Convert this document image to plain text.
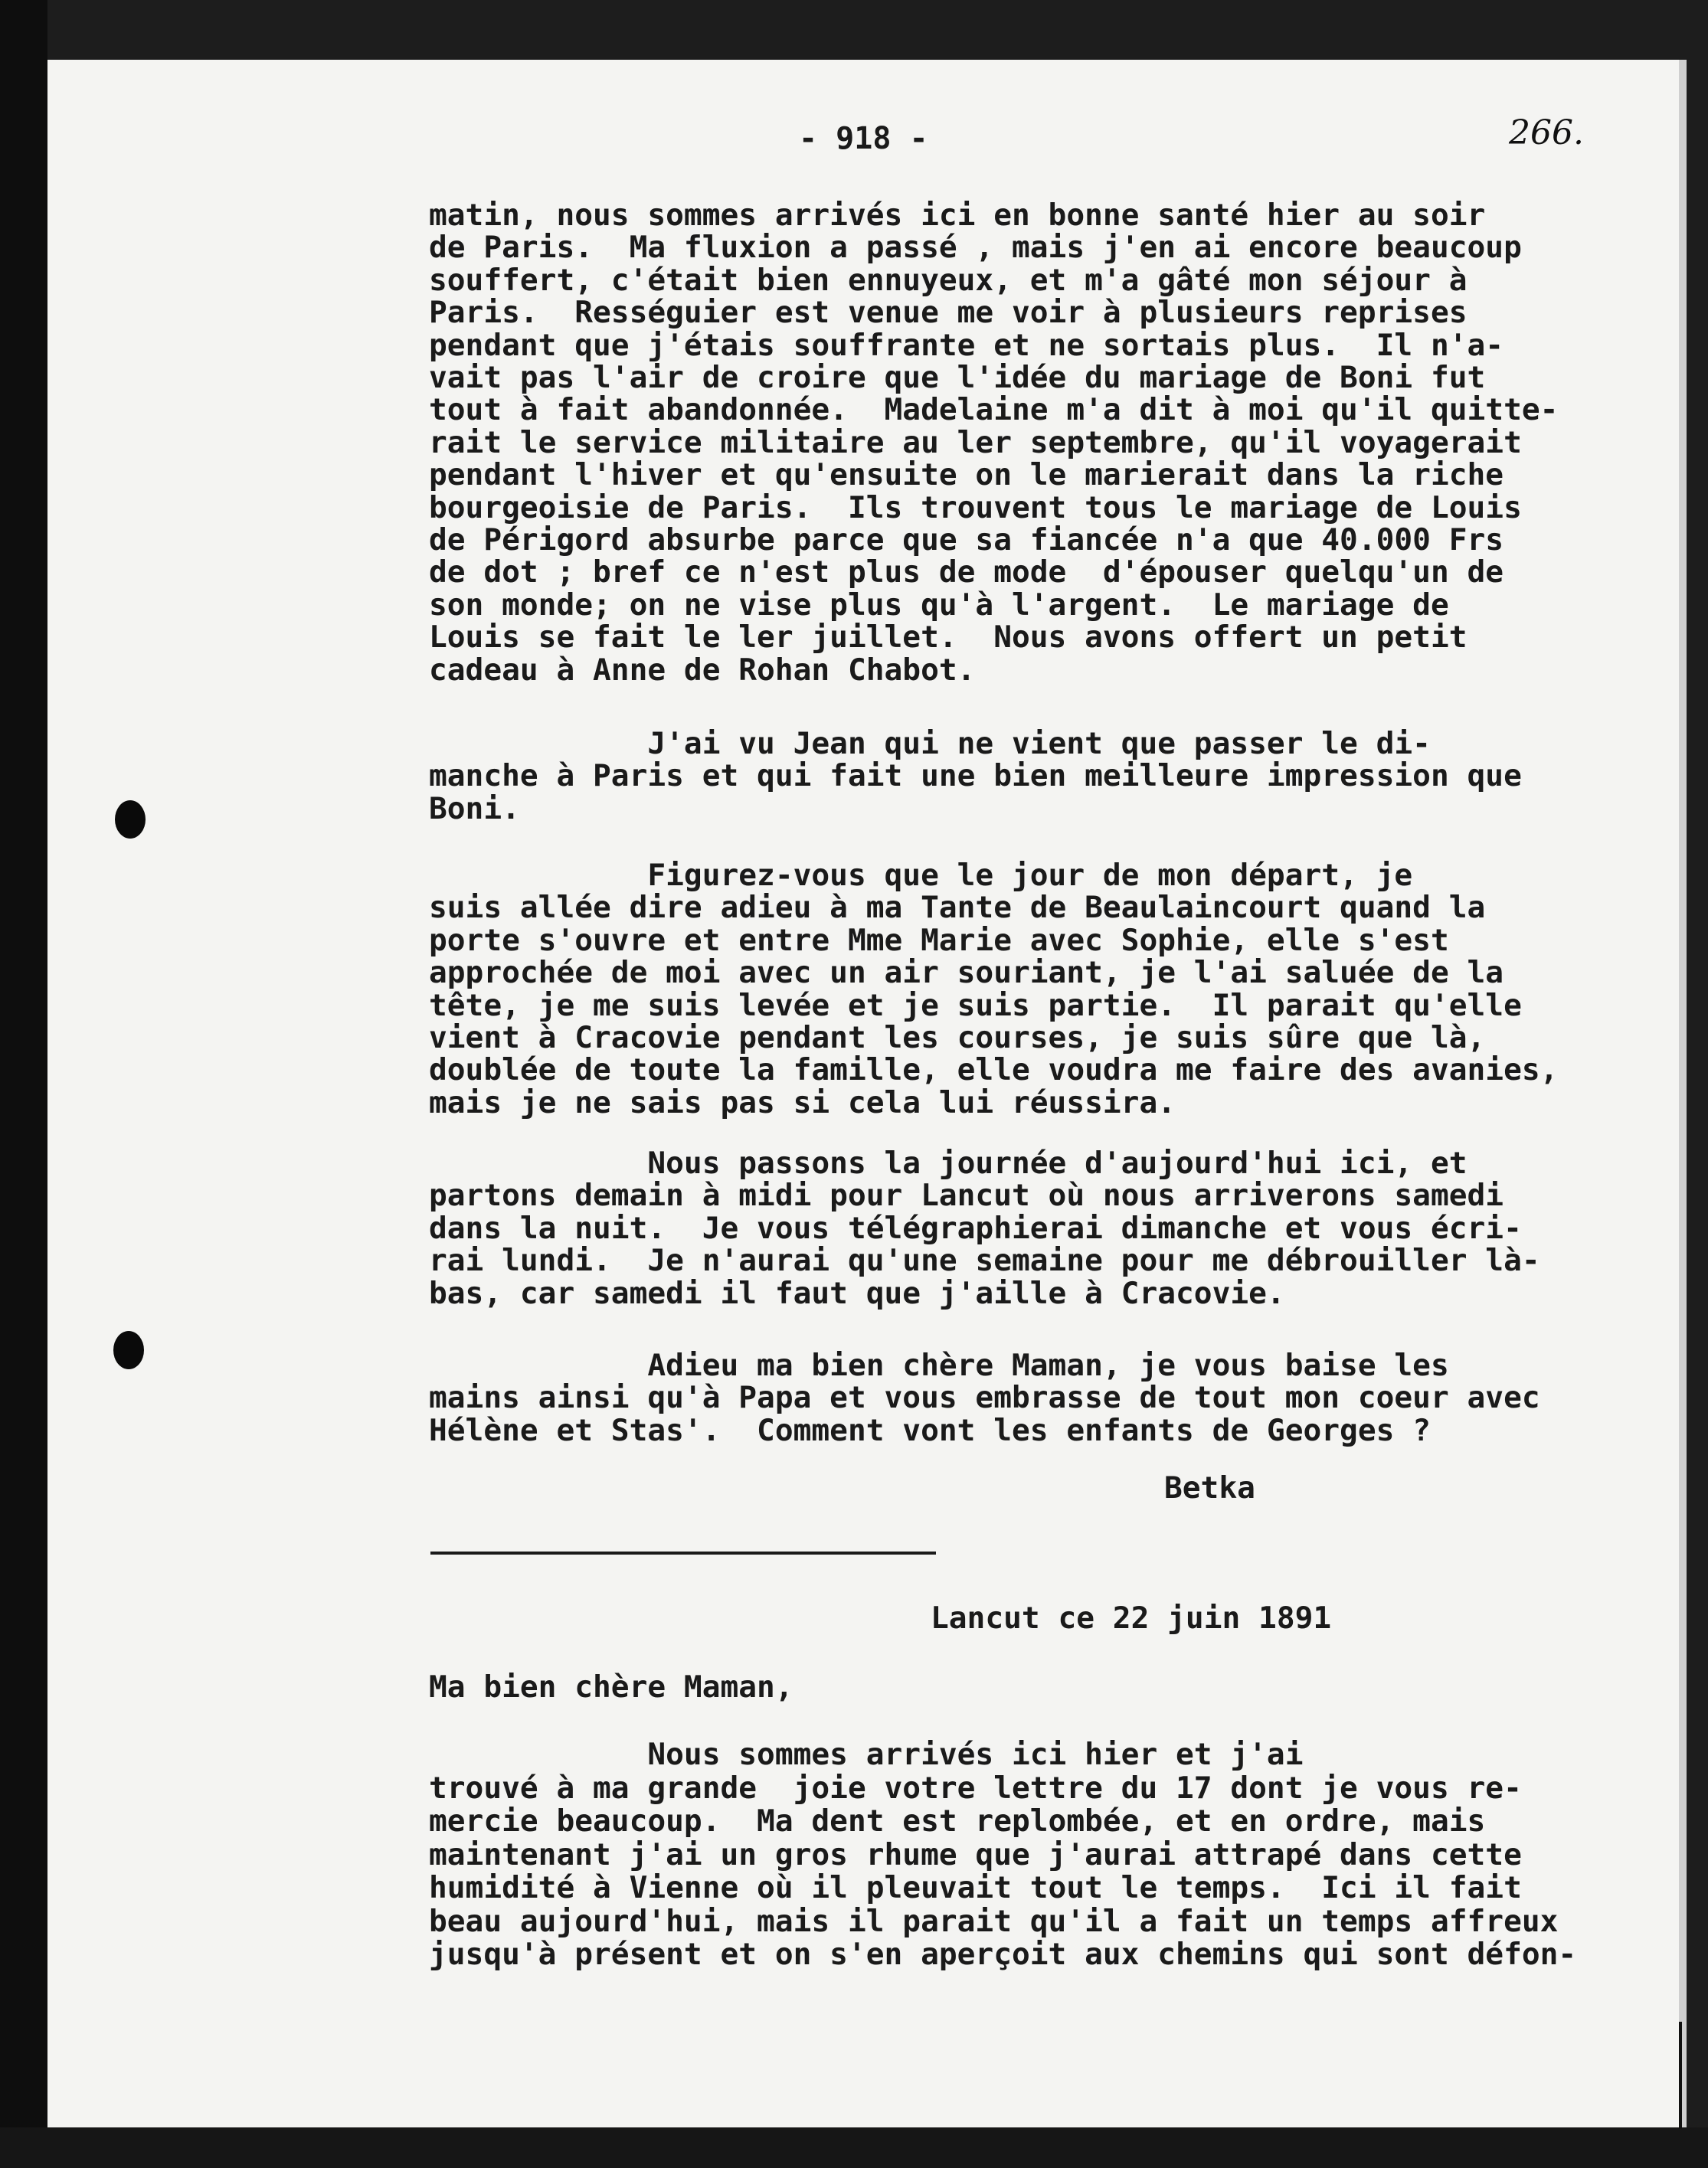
- 918 -	266.
matin, nous sommes arrivés ici en bonne santé hier au soir
de Paris.  Ma fluxion a passé , mais j'en ai encore beaucoup
souffert, c'était bien ennuyeux, et m'a gâté mon séjour à
Paris.  Rességuier est venue me voir à plusieurs reprises
pendant que j'étais souffrante et ne sortais plus.  Il n'a-
vait pas l'air de croire que l'idée du mariage de Boni fut
tout à fait abandonnée.  Madelaine m'a dit à moi qu'il quitte-
rait le service militaire au ler septembre, qu'il voyagerait
pendant l'hiver et qu'ensuite on le marierait dans la riche
bourgeoisie de Paris.  Ils trouvent tous le mariage de Louis
de Périgord absurbe parce que sa fiancée n'a que 40.000 Frs
de dot ; bref ce n'est plus de mode  d'épouser quelqu'un de
son monde; on ne vise plus qu'à l'argent.  Le mariage de
Louis se fait le ler juillet.  Nous avons offert un petit
cadeau à Anne de Rohan Chabot.
J'ai vu Jean qui ne vient que passer le di-
manche à Paris et qui fait une bien meilleure impression que
Boni.
Figurez-vous que le jour de mon départ, je
suis allée dire adieu à ma Tante de Beaulaincourt quand la
porte s'ouvre et entre Mme Marie avec Sophie, elle s'est
approchée de moi avec un air souriant, je l'ai saluée de la
tête, je me suis levée et je suis partie.  Il parait qu'elle
vient à Cracovie pendant les courses, je suis sûre que là,
doublée de toute la famille, elle voudra me faire des avanies,
mais je ne sais pas si cela lui réussira.
Nous passons la journée d'aujourd'hui ici, et
partons demain à midi pour Lancut où nous arriverons samedi
dans la nuit.  Je vous télégraphierai dimanche et vous écri-
rai lundi.  Je n'aurai qu'une semaine pour me débrouiller là-
bas, car samedi il faut que j'aille à Cracovie.
Adieu ma bien chère Maman, je vous baise les
mains ainsi qu'à Papa et vous embrasse de tout mon coeur avec
Hélène et Stas'.  Comment vont les enfants de Georges ?
Betka
Lancut ce 22 juin 1891
Ma bien chère Maman,
Nous sommes arrivés ici hier et j'ai
trouvé à ma grande  joie votre lettre du 17 dont je vous re-
mercie beaucoup.  Ma dent est replombée, et en ordre, mais
maintenant j'ai un gros rhume que j'aurai attrapé dans cette
humidité à Vienne où il pleuvait tout le temps.  Ici il fait
beau aujourd'hui, mais il parait qu'il a fait un temps affreux
jusqu'à présent et on s'en aperçoit aux chemins qui sont défon-
